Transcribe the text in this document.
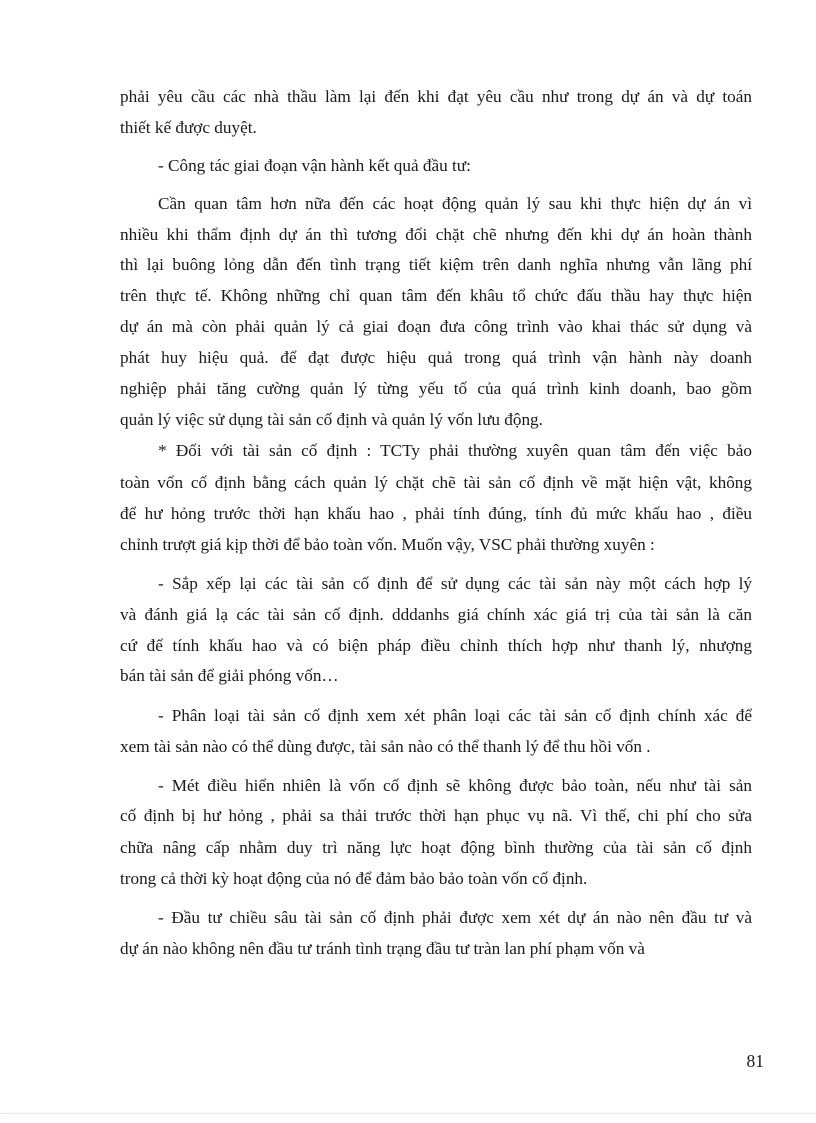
phải yêu cầu các nhà thầu làm lại đến khi đạt yêu cầu như trong dự án và dự toán
thiết kế được duyệt.
- Công tác giai đoạn vận hành kết quả đầu tư:
Cần quan tâm hơn nữa đến các hoạt động quản lý sau khi thực hiện dự án vì
nhiều khi thẩm định dự án thì tương đối chặt chẽ nhưng đến khi dự án hoàn thành
thì lại buông lỏng dẫn đến tình trạng tiết kiệm trên danh nghĩa nhưng vẫn lãng phí
trên thực tế. Không những chỉ quan tâm đến khâu tổ chức đấu thầu hay thực hiện
dự án mà còn phải quản lý cả giai đoạn đưa công trình vào khai thác sử dụng và
phát huy hiệu quả. để đạt được hiệu quả trong quá trình vận hành này doanh
nghiệp phải tăng cường quản lý từng yếu tố của quá trình kinh doanh, bao gồm
quản lý việc sử dụng tài sản cố định và quản lý vốn lưu động.
* Đối với tài sản cố định : TCTy phải thường xuyên quan tâm đến việc bảo
toàn vốn cố định bằng cách quản lý chặt chẽ tài sản cố định về mặt hiện vật, không
để hư hỏng trước thời hạn khấu hao , phải tính đúng, tính đủ mức khấu hao , điều
chỉnh trượt giá kịp thời để bảo toàn vốn. Muốn vậy, VSC phải thường xuyên :
- Sắp xếp lại các tài sản cố định để sử dụng các tài sản này một cách hợp lý
và đánh giá lạ các tài sản cố định. dddanhs giá chính xác giá trị của tài sản là căn
cứ để tính khấu hao và có biện pháp điều chỉnh thích hợp như thanh lý, nhượng
bán tài sản để giải phóng vốn…
- Phân loại tài sản cố định xem xét phân loại các tài sản cố định chính xác để
xem tài sản nào có thể dùng được, tài sản nào có thể thanh lý để thu hồi vốn .
- Mét điều hiển nhiên là vốn cố định sẽ không được bảo toàn, nếu như tài sản
cố định bị hư hỏng , phải sa thải trước thời hạn phục vụ nã. Vì thế, chi phí cho sửa
chữa nâng cấp nhằm duy trì năng lực hoạt động bình thường của tài sản cố định
trong cả thời kỳ hoạt động của nó để đảm bảo bảo toàn vốn cố định.
- Đầu tư chiều sâu tài sản cố định phải được xem xét dự án nào nên đầu tư và
dự án nào không nên đầu tư tránh tình trạng đầu tư tràn lan phí phạm vốn và
81
